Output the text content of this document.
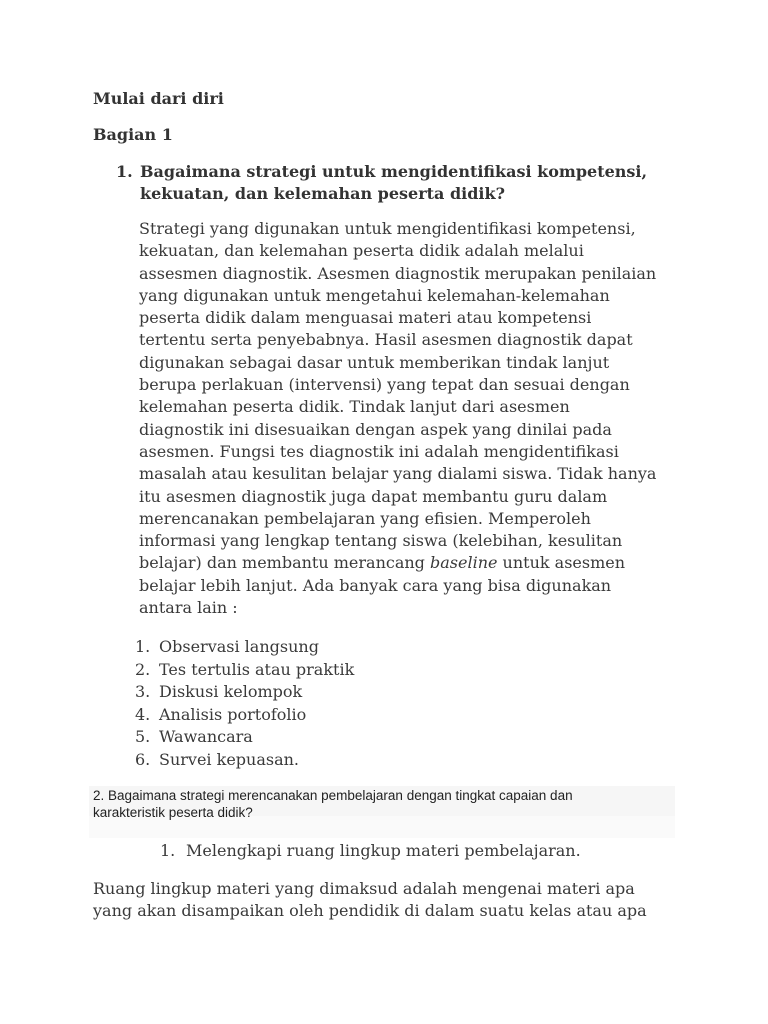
Mulai dari diri
Bagian 1
1. Bagaimana strategi untuk mengidentifikasi kompetensi, kekuatan, dan kelemahan peserta didik?
Strategi yang digunakan untuk mengidentifikasi kompetensi,
kekuatan, dan kelemahan peserta didik adalah melalui
assesmen diagnostik. Asesmen diagnostik merupakan penilaian
yang digunakan untuk mengetahui kelemahan-kelemahan
peserta didik dalam menguasai materi atau kompetensi
tertentu serta penyebabnya. Hasil asesmen diagnostik dapat
digunakan sebagai dasar untuk memberikan tindak lanjut
berupa perlakuan (intervensi) yang tepat dan sesuai dengan
kelemahan peserta didik. Tindak lanjut dari asesmen
diagnostik ini disesuaikan dengan aspek yang dinilai pada
asesmen. Fungsi tes diagnostik ini adalah mengidentifikasi
masalah atau kesulitan belajar yang dialami siswa. Tidak hanya
itu asesmen diagnostik juga dapat membantu guru dalam
merencanakan pembelajaran yang efisien. Memperoleh
informasi yang lengkap tentang siswa (kelebihan, kesulitan
belajar) dan membantu merancang baseline untuk asesmen
belajar lebih lanjut. Ada banyak cara yang bisa digunakan
antara lain :
1. Observasi langsung
2. Tes tertulis atau praktik
3. Diskusi kelompok
4. Analisis portofolio
5. Wawancara
6. Survei kepuasan.
2. Bagaimana strategi merencanakan pembelajaran dengan tingkat capaian dan
karakteristik peserta didik?
1. Melengkapi ruang lingkup materi pembelajaran.
Ruang lingkup materi yang dimaksud adalah mengenai materi apa
yang akan disampaikan oleh pendidik di dalam suatu kelas atau apa
